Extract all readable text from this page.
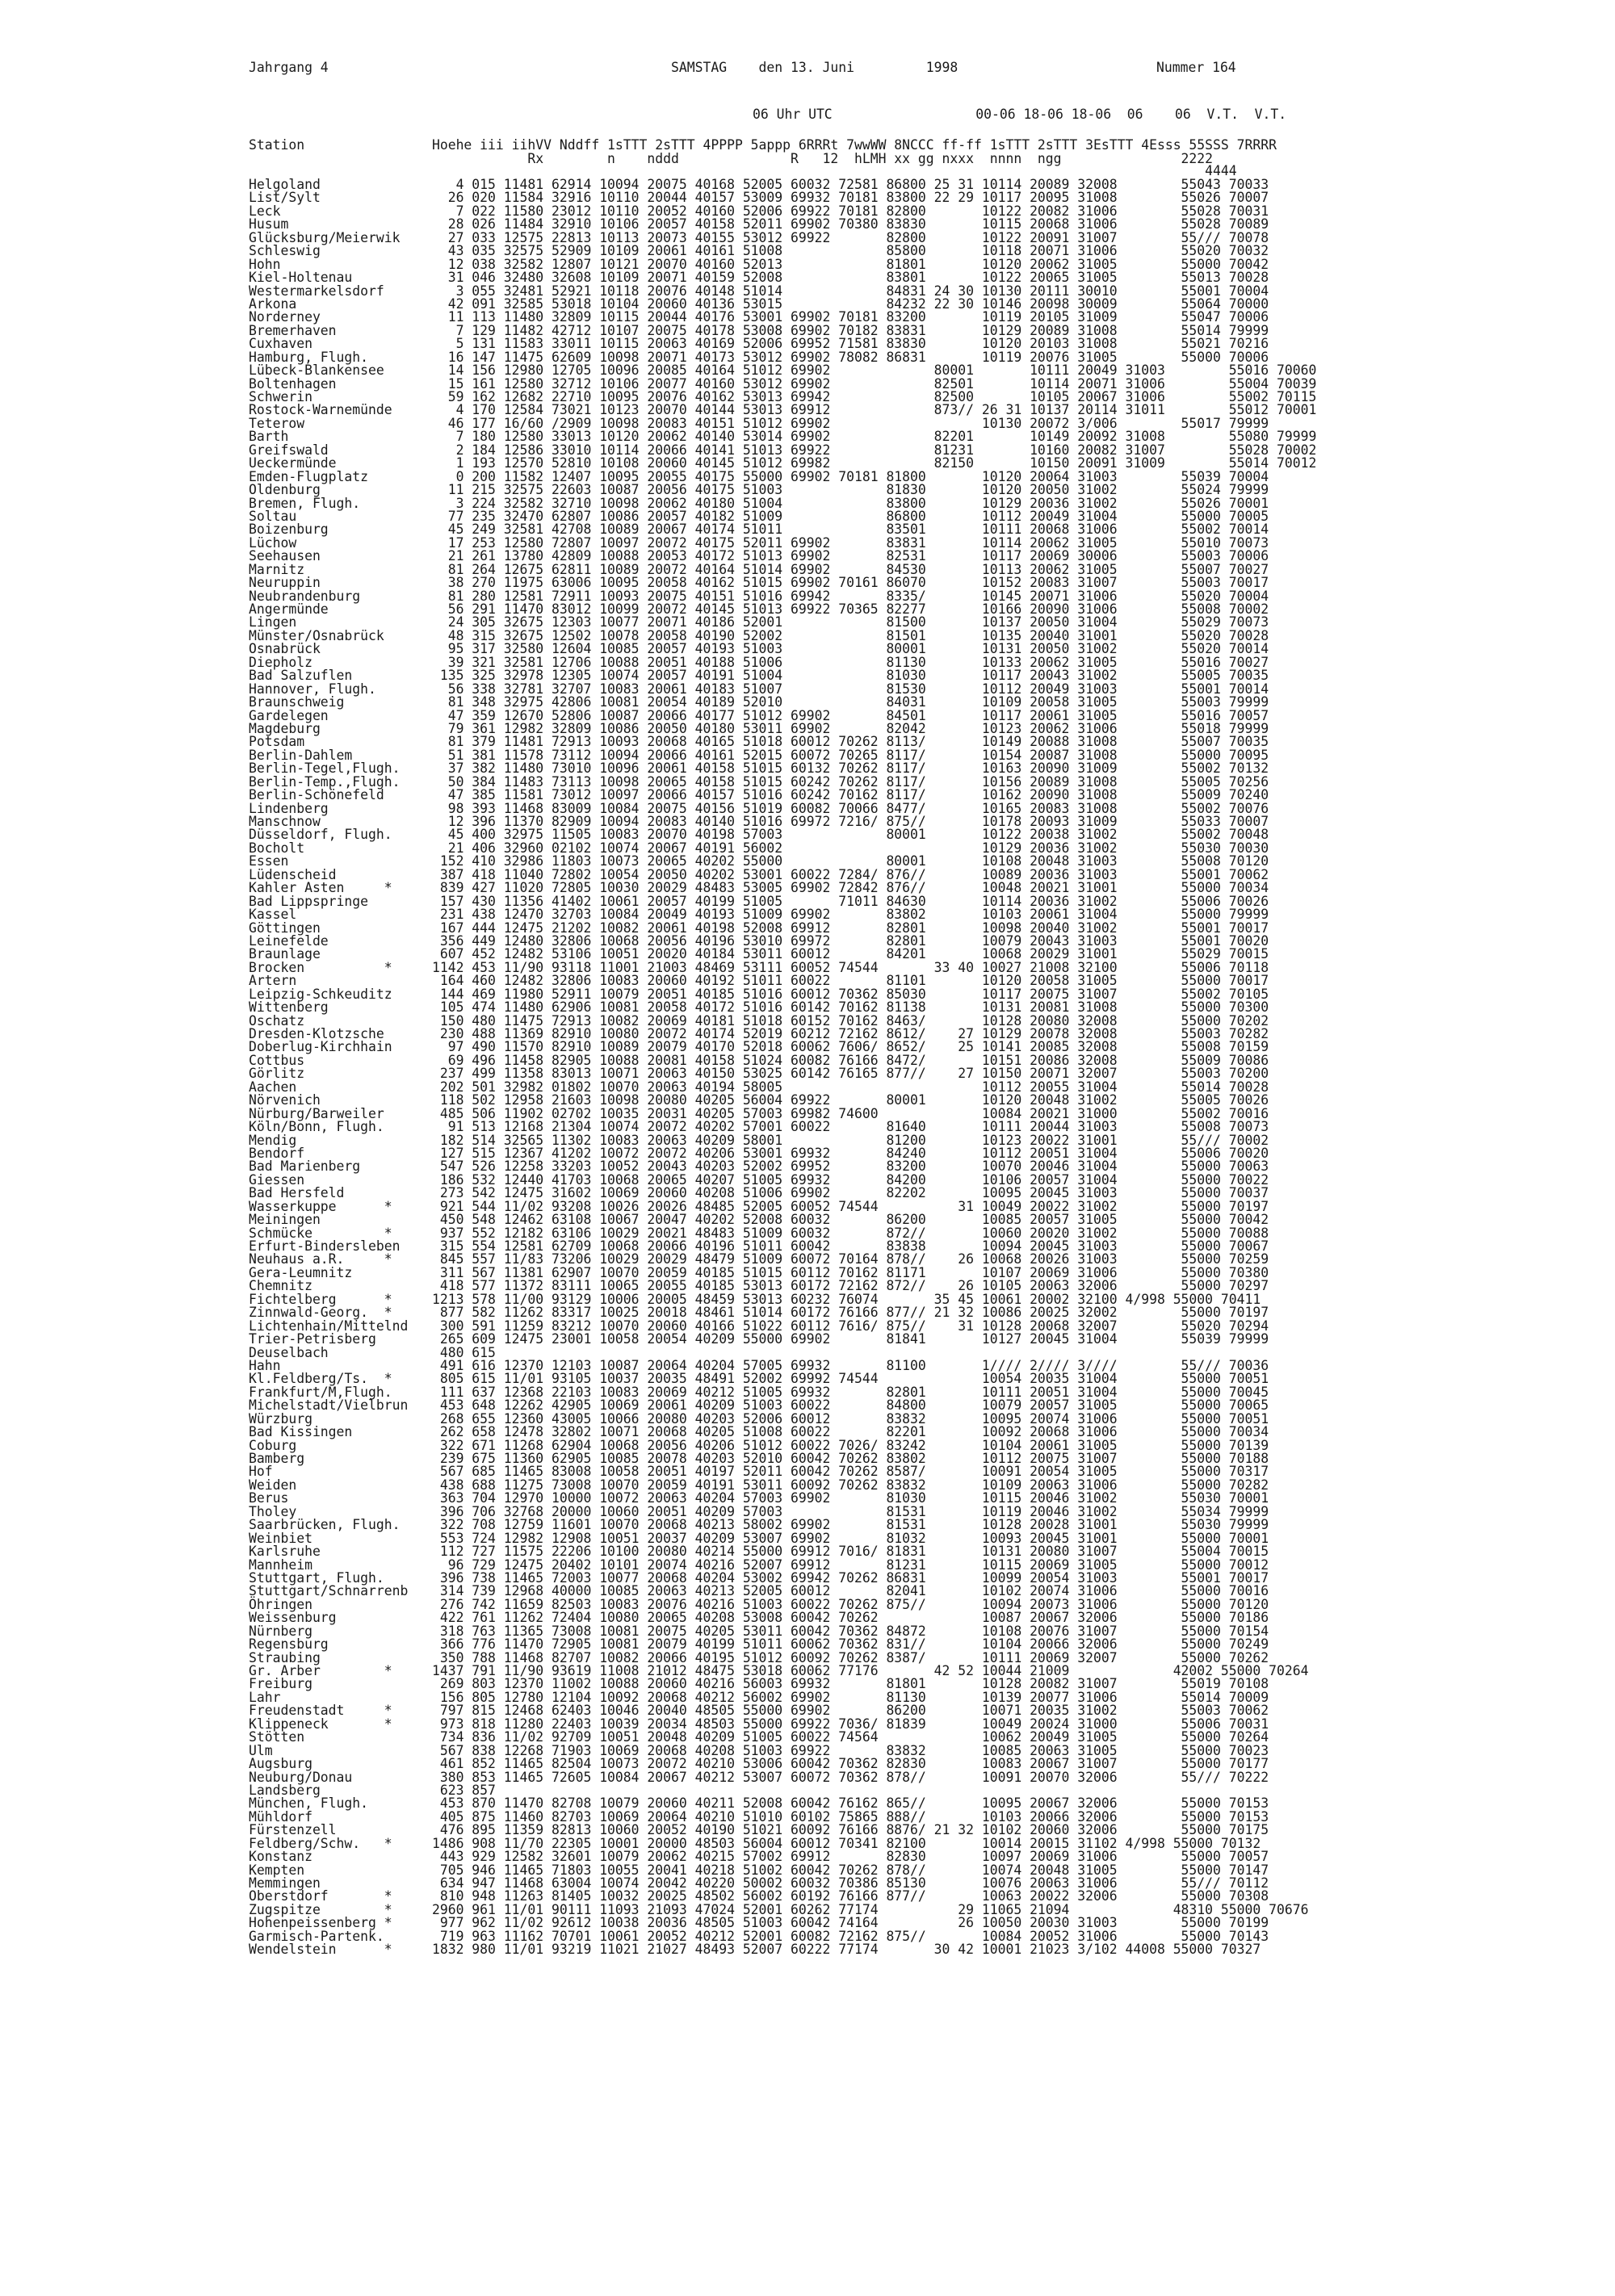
Jahrgang 4	SAMSTAG    den 13. Juni         1998	Nummer 164
06 Uhr UTC                  00-06 18-06 18-06  06    06  V.T.  V.T.
Station                Hoehe iii iihVV Nddff 1sTTT 2sTTT 4PPPP 5appp 6RRRt 7wwWW 8NCCC ff-ff 1sTTT 2sTTT 3EsTTT 4Esss 55SSS 7RRRR
Rx        n    nddd              R   12  hLMH xx gg nxxx  nnnn  ngg               2222
4444
Helgoland                 4 015 11481 62914 10094 20075 40168 52005 60032 72581 86800 25 31 10114 20089 32008        55043 70033
List/Sylt                26 020 11584 32916 10110 20044 40157 53009 69932 70181 83800 22 29 10117 20095 31008        55026 70007
Leck                      7 022 11580 23012 10110 20052 40160 52006 69922 70181 82800       10122 20082 31006        55028 70031
Husum                    28 026 11484 32910 10106 20057 40158 52011 69902 70380 83830       10115 20068 31006        55028 70089
Glücksburg/Meierwik      27 033 12575 22813 10113 20073 40155 53012 69922       82800       10122 20091 31007        55/// 70078
Schleswig                43 035 32575 52909 10109 20061 40161 51008             85800       10118 20071 31006        55020 70032
Hohn                     12 038 32582 12807 10121 20070 40160 52013             81801       10120 20062 31005        55000 70042
Kiel-Holtenau            31 046 32480 32608 10109 20071 40159 52008             83801       10122 20065 31005        55013 70028
Westermarkelsdorf         3 055 32481 52921 10118 20076 40148 51014             84831 24 30 10130 20111 30010        55001 70004
Arkona                   42 091 32585 53018 10104 20060 40136 53015             84232 22 30 10146 20098 30009        55064 70000
Norderney                11 113 11480 32809 10115 20044 40176 53001 69902 70181 83200       10119 20105 31009        55047 70006
Bremerhaven               7 129 11482 42712 10107 20075 40178 53008 69902 70182 83831       10129 20089 31008        55014 79999
Cuxhaven                  5 131 11583 33011 10115 20063 40169 52006 69952 71581 83830       10120 20103 31008        55021 70216
Hamburg, Flugh.          16 147 11475 62609 10098 20071 40173 53012 69902 78082 86831       10119 20076 31005        55000 70006
Lübeck-Blankensee        14 156 12980 12705 10096 20085 40164 51012 69902             80001       10111 20049 31003        55016 70060
Boltenhagen              15 161 12580 32712 10106 20077 40160 53012 69902             82501       10114 20071 31006        55004 70039
Schwerin                 59 162 12682 22710 10095 20076 40162 53013 69942             82500       10105 20067 31006        55002 70115
Rostock-Warnemünde        4 170 12584 73021 10123 20070 40144 53013 69912             873// 26 31 10137 20114 31011        55012 70001
Teterow                  46 177 16/60 /2909 10098 20083 40151 51012 69902                   10130 20072 3/006        55017 79999
Barth                     7 180 12580 33013 10120 20062 40140 53014 69902             82201       10149 20092 31008        55080 79999
Greifswald                2 184 12586 33010 10114 20066 40141 51013 69922             81231       10160 20082 31007        55028 70002
Ueckermünde               1 193 12570 52810 10108 20060 40145 51012 69982             82150       10150 20091 31009        55014 70012
Emden-Flugplatz           0 200 11582 12407 10095 20055 40175 55000 69902 70181 81800       10120 20064 31003        55039 70004
Oldenburg                11 215 32575 22603 10087 20056 40175 51003             81830       10120 20050 31002        55024 79999
Bremen, Flugh.            3 224 32582 32710 10098 20062 40180 51004             83800       10129 20036 31002        55026 70001
Soltau                   77 235 32470 62807 10086 20057 40182 51009             86800       10112 20049 31004        55000 70005
Boizenburg               45 249 32581 42708 10089 20067 40174 51011             83501       10111 20068 31006        55002 70014
Lüchow                   17 253 12580 72807 10097 20072 40175 52011 69902       83831       10114 20062 31005        55010 70073
Seehausen                21 261 13780 42809 10088 20053 40172 51013 69902       82531       10117 20069 30006        55003 70006
Marnitz                  81 264 12675 62811 10089 20072 40164 51014 69902       84530       10113 20062 31005        55007 70027
Neuruppin                38 270 11975 63006 10095 20058 40162 51015 69902 70161 86070       10152 20083 31007        55003 70017
Neubrandenburg           81 280 12581 72911 10093 20075 40151 51016 69942       8335/       10145 20071 31006        55020 70004
Angermünde               56 291 11470 83012 10099 20072 40145 51013 69922 70365 82277       10166 20090 31006        55008 70002
Lingen                   24 305 32675 12303 10077 20071 40186 52001             81500       10137 20050 31004        55029 70073
Münster/Osnabrück        48 315 32675 12502 10078 20058 40190 52002             81501       10135 20040 31001        55020 70028
Osnabrück                95 317 32580 12604 10085 20057 40193 51003             80001       10131 20050 31002        55020 70014
Diepholz                 39 321 32581 12706 10088 20051 40188 51006             81130       10133 20062 31005        55016 70027
Bad Salzuflen           135 325 32978 12305 10074 20057 40191 51004             81030       10117 20043 31002        55005 70035
Hannover, Flugh.         56 338 32781 32707 10083 20061 40183 51007             81530       10112 20049 31003        55001 70014
Braunschweig             81 348 32975 42806 10081 20054 40189 52010             84031       10109 20058 31005        55003 79999
Gardelegen               47 359 12670 52806 10087 20066 40177 51012 69902       84501       10117 20061 31005        55016 70057
Magdeburg                79 361 12982 32809 10086 20050 40180 53011 69902       82042       10123 20062 31006        55018 79999
Potsdam                  81 379 11481 72913 10093 20068 40165 51018 60012 70262 8113/       10149 20088 31008        55007 70035
Berlin-Dahlem            51 381 11578 73112 10094 20066 40161 52015 60072 70265 8117/       10154 20087 31008        55000 70095
Berlin-Tegel,Flugh.      37 382 11480 73010 10096 20061 40158 51015 60132 70262 8117/       10163 20090 31009        55002 70132
Berlin-Temp.,Flugh.      50 384 11483 73113 10098 20065 40158 51015 60242 70262 8117/       10156 20089 31008        55005 70256
Berlin-Schönefeld        47 385 11581 73012 10097 20066 40157 51016 60242 70162 8117/       10162 20090 31008        55009 70240
Lindenberg               98 393 11468 83009 10084 20075 40156 51019 60082 70066 8477/       10165 20083 31008        55002 70076
Manschnow                12 396 11370 82909 10094 20083 40140 51016 69972 7216/ 875//       10178 20093 31009        55033 70007
Düsseldorf, Flugh.       45 400 32975 11505 10083 20070 40198 57003             80001       10122 20038 31002        55002 70048
Bocholt                  21 406 32960 02102 10074 20067 40191 56002                         10129 20036 31002        55030 70030
Essen                   152 410 32986 11803 10073 20065 40202 55000             80001       10108 20048 31003        55008 70120
Lüdenscheid             387 418 11040 72802 10054 20050 40202 53001 60022 7284/ 876//       10089 20036 31003        55001 70062
Kahler Asten     *      839 427 11020 72805 10030 20029 48483 53005 69902 72842 876//       10048 20021 31001        55000 70034
Bad Lippspringe         157 430 11356 41402 10061 20057 40199 51005       71011 84630       10114 20036 31002        55006 70026
Kassel                  231 438 12470 32703 10084 20049 40193 51009 69902       83802       10103 20061 31004        55000 79999
Göttingen               167 444 12475 21202 10082 20061 40198 52008 69912       82801       10098 20040 31002        55001 70017
Leinefelde              356 449 12480 32806 10068 20056 40196 53010 69972       82801       10079 20043 31003        55001 70020
Braunlage               607 452 12482 53106 10051 20020 40184 53011 60012       84201       10068 20029 31001        55029 70015
Brocken          *     1142 453 11/90 93118 11001 21003 48469 53111 60052 74544       33 40 10027 21008 32100        55006 70118
Artern                  164 460 12482 32806 10083 20060 40192 51011 60022       81101       10120 20058 31005        55000 70017
Leipzig-Schkeuditz      144 469 11980 52911 10079 20051 40185 51016 60012 70362 85030       10117 20075 31007        55002 70105
Wittenberg              105 474 11480 62906 10081 20058 40172 51016 60142 70162 81138       10131 20081 31008        55000 70300
Oschatz                 150 480 11475 72913 10082 20069 40181 51018 60152 70162 8463/       10128 20080 32008        55000 70202
Dresden-Klotzsche       230 488 11369 82910 10080 20072 40174 52019 60212 72162 8612/    27 10129 20078 32008        55003 70282
Doberlug-Kirchhain       97 490 11570 82910 10089 20079 40170 52018 60062 7606/ 8652/    25 10141 20085 32008        55008 70159
Cottbus                  69 496 11458 82905 10088 20081 40158 51024 60082 76166 8472/       10151 20086 32008        55009 70086
Görlitz                 237 499 11358 83013 10071 20063 40150 53025 60142 76165 877//    27 10150 20071 32007        55003 70200
Aachen                  202 501 32982 01802 10070 20063 40194 58005                         10112 20055 31004        55014 70028
Nörvenich               118 502 12958 21603 10098 20080 40205 56004 69922       80001       10120 20048 31002        55005 70026
Nürburg/Barweiler       485 506 11902 02702 10035 20031 40205 57003 69982 74600             10084 20021 31000        55002 70016
Köln/Bonn, Flugh.        91 513 12168 21304 10074 20072 40202 57001 60022       81640       10111 20044 31003        55008 70073
Mendig                  182 514 32565 11302 10083 20063 40209 58001             81200       10123 20022 31001        55/// 70002
Bendorf                 127 515 12367 41202 10072 20072 40206 53001 69932       84240       10112 20051 31004        55006 70020
Bad Marienberg          547 526 12258 33203 10052 20043 40203 52002 69952       83200       10070 20046 31004        55000 70063
Giessen                 186 532 12440 41703 10068 20065 40207 51005 69932       84200       10106 20057 31004        55000 70022
Bad Hersfeld            273 542 12475 31602 10069 20060 40208 51006 69902       82202       10095 20045 31003        55000 70037
Wasserkuppe      *      921 544 11/02 93208 10026 20026 48485 52005 60052 74544          31 10049 20022 31002        55000 70197
Meiningen               450 548 12462 63108 10067 20047 40202 52008 60032       86200       10085 20057 31005        55000 70042
Schmücke         *      937 552 12182 63106 10029 20021 48483 51009 60032       872//       10060 20020 31002        55000 70088
Erfurt-Bindersleben     315 554 12581 62709 10068 20066 40196 51011 60042       83838       10094 20045 31003        55000 70067
Neuhaus a.R.     *      845 557 11/83 73206 10029 20029 48479 51009 60072 70164 878//    26 10068 20026 31003        55000 70259
Gera-Leumnitz           311 567 11381 62907 10070 20059 40185 51015 60112 70162 81171       10107 20069 31006        55000 70380
Chemnitz                418 577 11372 83111 10065 20055 40185 53013 60172 72162 872//    26 10105 20063 32006        55000 70297
Fichtelberg      *     1213 578 11/00 93129 10006 20005 48459 53013 60232 76074       35 45 10061 20002 32100 4/998 55000 70411
Zinnwald-Georg.  *      877 582 11262 83317 10025 20018 48461 51014 60172 76166 877// 21 32 10086 20025 32002        55000 70197
Lichtenhain/Mittelnd    300 591 11259 83212 10070 20060 40166 51022 60112 7616/ 875//    31 10128 20068 32007        55020 70294
Trier-Petrisberg        265 609 12475 23001 10058 20054 40209 55000 69902       81841       10127 20045 31004        55039 79999
Deuselbach              480 615
Hahn                    491 616 12370 12103 10087 20064 40204 57005 69932       81100       1//// 2//// 3////        55/// 70036
Kl.Feldberg/Ts.  *      805 615 11/01 93105 10037 20035 48491 52002 69992 74544             10054 20035 31004        55000 70051
Frankfurt/M,Flugh.      111 637 12368 22103 10083 20069 40212 51005 69932       82801       10111 20051 31004        55000 70045
Michelstadt/Vielbrun    453 648 12262 42905 10069 20061 40209 51003 60022       84800       10079 20057 31005        55000 70065
Würzburg                268 655 12360 43005 10066 20080 40203 52006 60012       83832       10095 20074 31006        55000 70051
Bad Kissingen           262 658 12478 32802 10071 20068 40205 51008 60022       82201       10092 20068 31006        55000 70034
Coburg                  322 671 11268 62904 10068 20056 40206 51012 60022 7026/ 83242       10104 20061 31005        55000 70139
Bamberg                 239 675 11360 62905 10085 20078 40203 52010 60042 70262 83802       10112 20075 31007        55000 70188
Hof                     567 685 11465 83008 10058 20051 40197 52011 60042 70262 8587/       10091 20054 31005        55000 70317
Weiden                  438 688 11275 73008 10070 20059 40191 53011 60092 70262 83832       10109 20063 31006        55000 70282
Berus                   363 704 12970 10000 10072 20063 40204 57003 69902       81030       10115 20046 31002        55030 70001
Tholey                  396 706 32768 20000 10060 20051 40209 57003             81531       10119 20046 31002        55034 79999
Saarbrücken, Flugh.     322 708 12759 11601 10070 20068 40213 58002 69902       81531       10128 20028 31001        55030 79999
Weinbiet                553 724 12982 12908 10051 20037 40209 53007 69902       81032       10093 20045 31001        55000 70001
Karlsruhe               112 727 11575 22206 10100 20080 40214 55000 69912 7016/ 81831       10131 20080 31007        55004 70015
Mannheim                 96 729 12475 20402 10101 20074 40216 52007 69912       81231       10115 20069 31005        55000 70012
Stuttgart, Flugh.       396 738 11465 72003 10077 20068 40204 53002 69942 70262 86831       10099 20054 31003        55001 70017
Stuttgart/Schnarrenb    314 739 12968 40000 10085 20063 40213 52005 60012       82041       10102 20074 31006        55000 70016
Öhringen                276 742 11659 82503 10083 20076 40216 51003 60022 70262 875//       10094 20073 31006        55000 70120
Weissenburg             422 761 11262 72404 10080 20065 40208 53008 60042 70262             10087 20067 32006        55000 70186
Nürnberg                318 763 11365 73008 10081 20075 40205 53011 60042 70362 84872       10108 20076 31007        55000 70154
Regensburg              366 776 11470 72905 10081 20079 40199 51011 60062 70362 831//       10104 20066 32006        55000 70249
Straubing               350 788 11468 82707 10082 20066 40195 51012 60092 70262 8387/       10111 20069 32007        55000 70262
Gr. Arber        *     1437 791 11/90 93619 11008 21012 48475 53018 60062 77176       42 52 10044 21009             42002 55000 70264
Freiburg                269 803 12370 11002 10088 20060 40216 56003 69932       81801       10128 20082 31007        55019 70108
Lahr                    156 805 12780 12104 10092 20068 40212 56002 69902       81130       10139 20077 31006        55014 70009
Freudenstadt     *      797 815 12468 62403 10046 20040 48505 55000 69902       86200       10071 20035 31002        55003 70062
Klippeneck       *      973 818 11280 22403 10039 20034 48503 55000 69922 7036/ 81839       10049 20024 31000        55006 70031
Stötten                 734 836 11/02 92709 10051 20048 40209 51005 60022 74564             10062 20049 31005        55000 70264
Ulm                     567 838 12268 71903 10069 20068 40208 51003 69922       83832       10085 20063 31005        55000 70023
Augsburg                461 852 11465 82504 10073 20072 40210 53006 60042 70362 82830       10083 20067 31007        55000 70177
Neuburg/Donau           380 853 11465 72605 10084 20067 40212 53007 60072 70362 878//       10091 20070 32006        55/// 70222
Landsberg               623 857
München, Flugh.         453 870 11470 82708 10079 20060 40211 52008 60042 76162 865//       10095 20067 32006        55000 70153
Mühldorf                405 875 11460 82703 10069 20064 40210 51010 60102 75865 888//       10103 20066 32006        55000 70153
Fürstenzell             476 895 11359 82813 10060 20052 40190 51021 60092 76166 8876/ 21 32 10102 20060 32006        55000 70175
Feldberg/Schw.   *     1486 908 11/70 22305 10001 20000 48503 56004 60012 70341 82100       10014 20015 31102 4/998 55000 70132
Konstanz                443 929 12582 32601 10079 20062 40215 57002 69912       82830       10097 20069 31006        55000 70057
Kempten                 705 946 11465 71803 10055 20041 40218 51002 60042 70262 878//       10074 20048 31005        55000 70147
Memmingen               634 947 11468 63004 10074 20042 40220 50002 60032 70386 85130       10076 20063 31006        55/// 70112
Oberstdorf       *      810 948 11263 81405 10032 20025 48502 56002 60192 76166 877//       10063 20022 32006        55000 70308
Zugspitze        *     2960 961 11/01 90111 11093 21093 47024 52001 60262 77174          29 11065 21094             48310 55000 70676
Hohenpeissenberg *      977 962 11/02 92612 10038 20036 48505 51003 60042 74164          26 10050 20030 31003        55000 70199
Garmisch-Partenk.       719 963 11162 70701 10061 20052 40212 52001 60082 72162 875//       10084 20052 31006        55000 70143
Wendelstein      *     1832 980 11/01 93219 11021 21027 48493 52007 60222 77174       30 42 10001 21023 3/102 44008 55000 70327
